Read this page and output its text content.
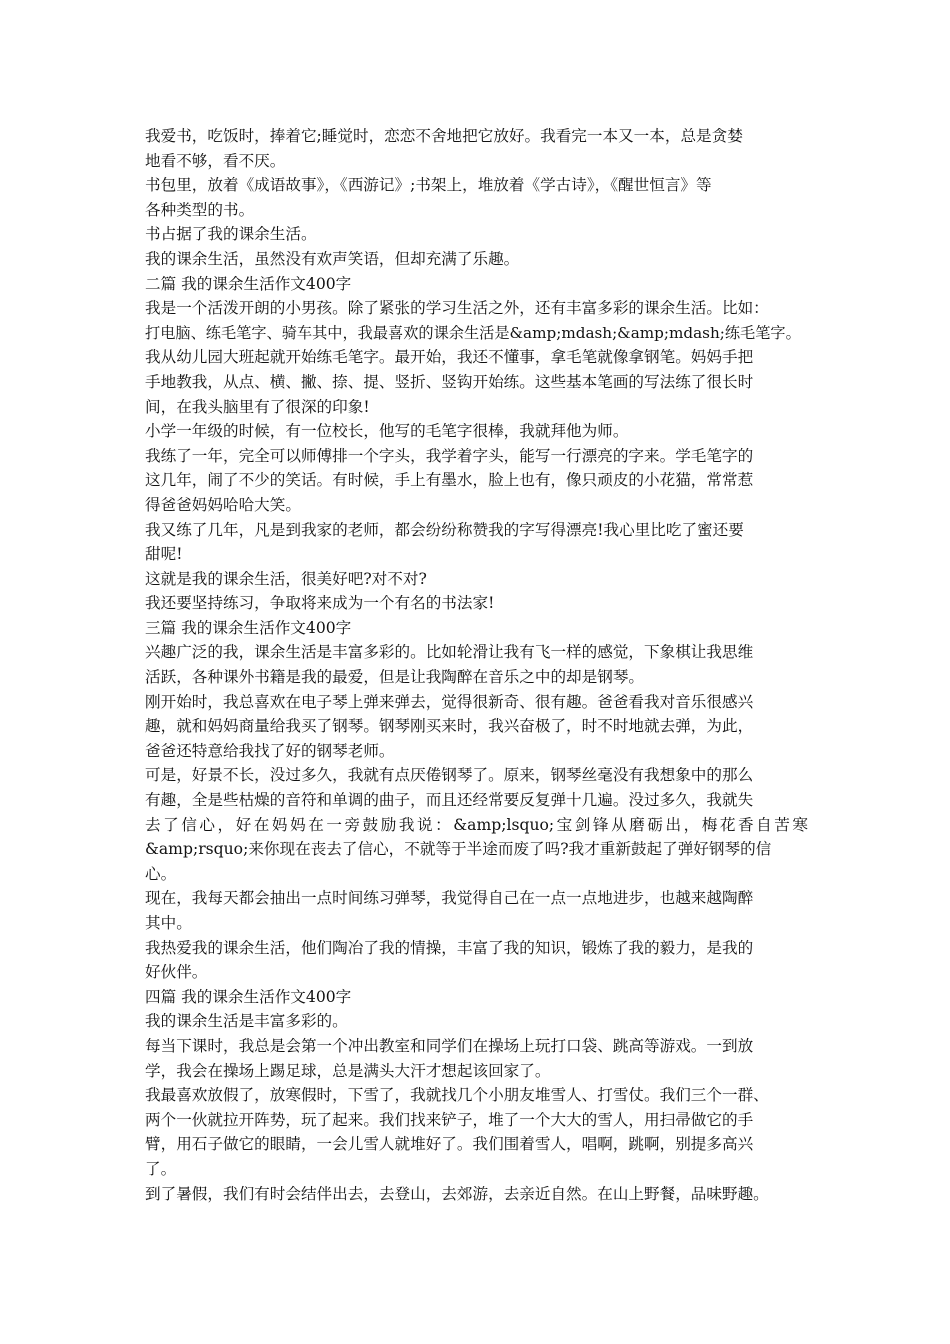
我爱书，吃饭时，捧着它;睡觉时，恋恋不舍地把它放好。我看完一本又一本，总是贪婪

地看不够，看不厌。

书包里，放着《成语故事》，《西游记》;书架上，堆放着《学古诗》，《醒世恒言》等

各种类型的书。

书占据了我的课余生活。

我的课余生活，虽然没有欢声笑语，但却充满了乐趣。

二篇 我的课余生活作文400字

我是一个活泼开朗的小男孩。除了紧张的学习生活之外，还有丰富多彩的课余生活。比如：

打电脑、练毛笔字、骑车其中，我最喜欢的课余生活是&amp;mdash;&amp;mdash;练毛笔字。

我从幼儿园大班起就开始练毛笔字。最开始，我还不懂事，拿毛笔就像拿钢笔。妈妈手把

手地教我，从点、横、撇、捺、提、竖折、竖钩开始练。这些基本笔画的写法练了很长时

间，在我头脑里有了很深的印象!

小学一年级的时候，有一位校长，他写的毛笔字很棒，我就拜他为师。

我练了一年，完全可以师傅排一个字头，我学着字头，能写一行漂亮的字来。学毛笔字的

这几年，闹了不少的笑话。有时候，手上有墨水，脸上也有，像只顽皮的小花猫，常常惹

得爸爸妈妈哈哈大笑。

我又练了几年，凡是到我家的老师，都会纷纷称赞我的字写得漂亮!我心里比吃了蜜还要

甜呢!

这就是我的课余生活，很美好吧?对不对?

我还要坚持练习，争取将来成为一个有名的书法家!

三篇 我的课余生活作文400字

兴趣广泛的我，课余生活是丰富多彩的。比如轮滑让我有飞一样的感觉，下象棋让我思维

活跃，各种课外书籍是我的最爱，但是让我陶醉在音乐之中的却是钢琴。

刚开始时，我总喜欢在电子琴上弹来弹去，觉得很新奇、很有趣。爸爸看我对音乐很感兴

趣，就和妈妈商量给我买了钢琴。钢琴刚买来时，我兴奋极了，时不时地就去弹，为此，

爸爸还特意给我找了好的钢琴老师。

可是，好景不长，没过多久，我就有点厌倦钢琴了。原来，钢琴丝毫没有我想象中的那么

有趣，全是些枯燥的音符和单调的曲子，而且还经常要反复弹十几遍。没过多久，我就失

去了信心，好在妈妈在一旁鼓励我说：&amp;lsquo;宝剑锋从磨砺出，梅花香自苦寒

&amp;rsquo;来你现在丧去了信心，不就等于半途而废了吗?我才重新鼓起了弹好钢琴的信

心。

现在，我每天都会抽出一点时间练习弹琴，我觉得自己在一点一点地进步，也越来越陶醉

其中。

我热爱我的课余生活，他们陶冶了我的情操，丰富了我的知识，锻炼了我的毅力，是我的

好伙伴。

四篇 我的课余生活作文400字

我的课余生活是丰富多彩的。

每当下课时，我总是会第一个冲出教室和同学们在操场上玩打口袋、跳高等游戏。一到放

学，我会在操场上踢足球，总是满头大汗才想起该回家了。

我最喜欢放假了，放寒假时，下雪了，我就找几个小朋友堆雪人、打雪仗。我们三个一群、

两个一伙就拉开阵势，玩了起来。我们找来铲子，堆了一个大大的雪人，用扫帚做它的手

臂，用石子做它的眼睛，一会儿雪人就堆好了。我们围着雪人，唱啊，跳啊，别提多高兴

了。

到了暑假，我们有时会结伴出去，去登山，去郊游，去亲近自然。在山上野餐，品味野趣。
